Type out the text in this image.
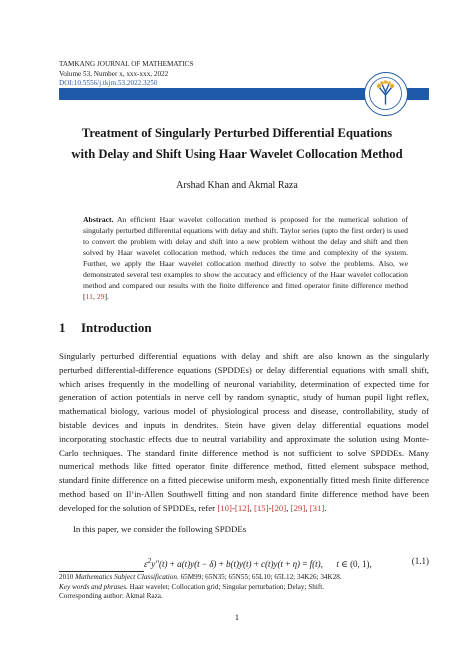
TAMKANG JOURNAL OF MATHEMATICS
Volume 53, Number x, xxx-xxx, 2022
DOI:10.5556/j.tkjm.53.2022.3250
Treatment of Singularly Perturbed Differential Equations
with Delay and Shift Using Haar Wavelet Collocation Method
Arshad Khan and Akmal Raza
Abstract. An efficient Haar wavelet collocation method is proposed for the numerical solution of singularly perturbed differential equations with delay and shift. Taylor series (upto the first order) is used to convert the problem with delay and shift into a new problem without the delay and shift and then solved by Haar wavelet collocation method, which reduces the time and complexity of the system. Further, we apply the Haar wavelet collocation method directly to solve the problems. Also, we demonstrated several test examples to show the accuracy and efficiency of the Haar wavelet collocation method and compared our results with the finite difference and fitted operator finite difference method [11, 29].
1 Introduction

Singularly perturbed differential equations with delay and shift are also known as the singularly perturbed differential-difference equations (SPDDEs) or delay differential equations with small shift, which arises frequently in the modelling of neuronal variability, determination of expected time for generation of action potentials in nerve cell by random synaptic, study of human pupil light reflex, mathematical biology, various model of physiological process and disease, controllability, study of bistable devices and inputs in dendrites. Stein have given delay differential equations model incorporating stochastic effects due to neutral variability and approximate the solution using Monte-Carlo techniques. The standard finite difference method is not sufficient to solve SPDDEs. Many numerical methods like fitted operator finite difference method, fitted element subspace method, standard finite difference on a fitted piecewise uniform mesh, exponentially fitted mesh finite difference method based on Il’in-Allen Southwell fitting and non standard finite difference method have been developed for the solution of SPDDEs, refer [10]-[12], [15]-[20], [29], [31].

In this paper, we consider the following SPDDEs

$\varepsilon^2y''(t) + a(t)y(t - \delta) + b(t)y(t) + c(t)y(t + \eta) = f(t)$,      t ∈ (0, 1),	(1.1)

2010 Mathematics Subject Classification. 65M99; 65N35; 65N55; 65L10; 65L12; 34K26; 34K28.

Key words and phrases. Haar wavelet; Collocation grid; Singular perturbation; Delay; Shift.

Corresponding author: Akmal Raza.

1
